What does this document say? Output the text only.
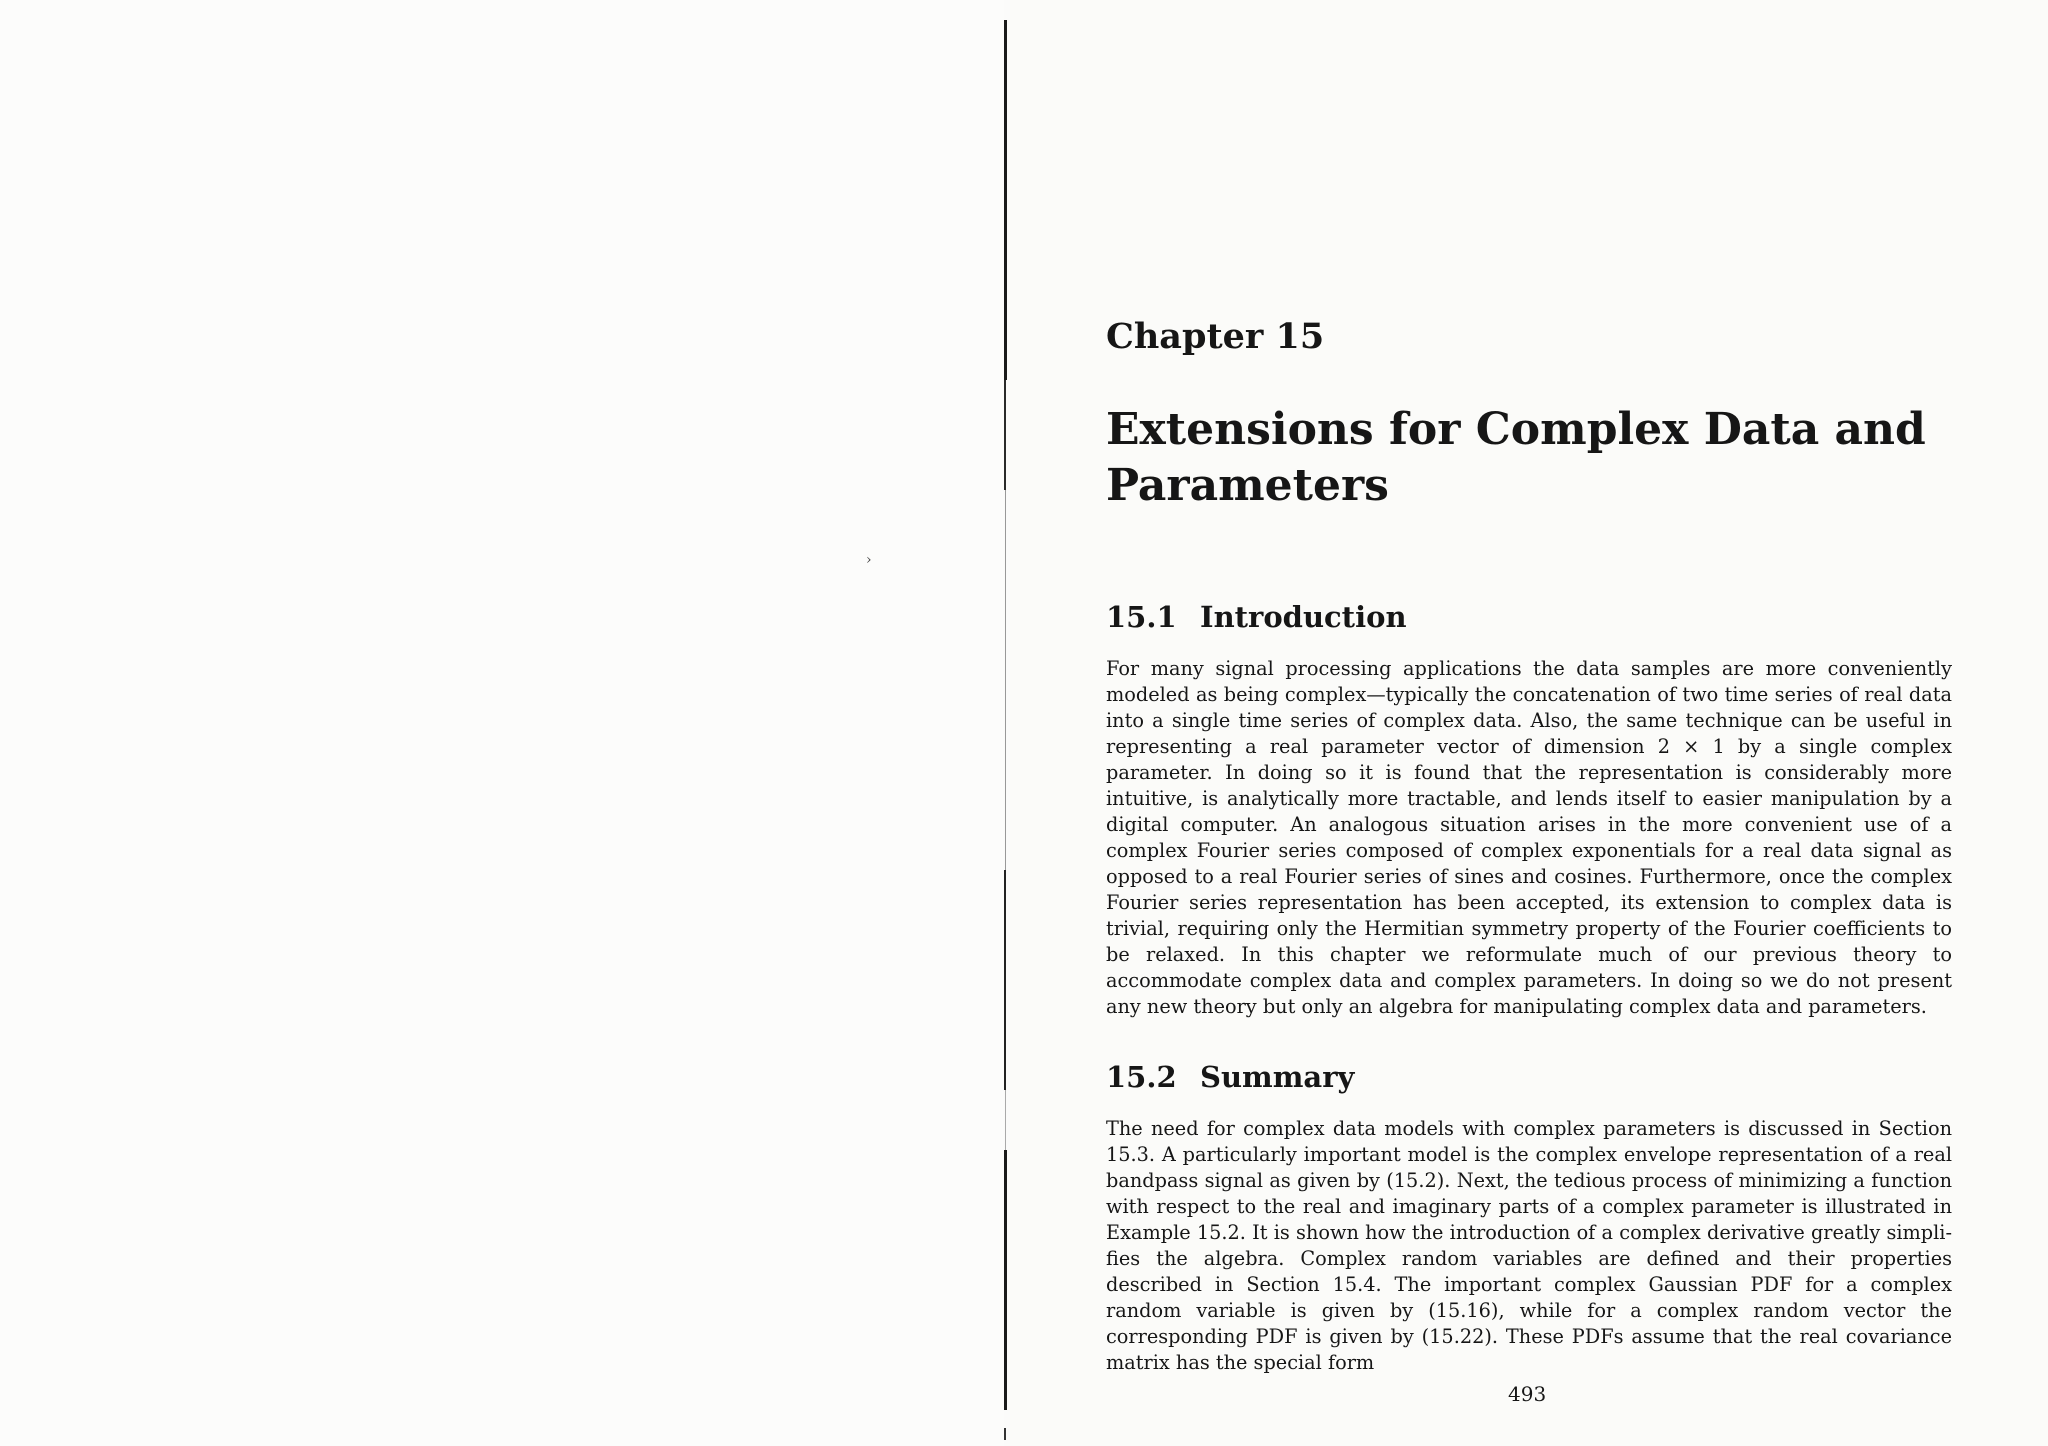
›
Chapter 15
Extensions for Complex Data and Parameters
15.1 Introduction
For many signal processing applications the data samples are more conveniently modeled as being complex—typically the concatenation of two time series of real data into a single time series of complex data. Also, the same technique can be useful in representing a real parameter vector of dimension 2 × 1 by a single complex parameter. In doing so it is found that the representation is considerably more intuitive, is analytically more tractable, and lends itself to easier manipulation by a digital computer. An analogous situation arises in the more convenient use of a complex Fourier series composed of complex exponentials for a real data signal as opposed to a real Fourier series of sines and cosines. Furthermore, once the complex Fourier series representation has been accepted, its extension to complex data is trivial, requiring only the Hermitian symmetry property of the Fourier coefficients to be relaxed. In this chapter we reformulate much of our previous theory to accommodate complex data and complex parameters. In doing so we do not present any new theory but only an algebra for manipulating complex data and parameters.
15.2 Summary
The need for complex data models with complex parameters is discussed in Section 15.3. A particularly important model is the complex envelope representation of a real bandpass signal as given by (15.2). Next, the tedious process of minimizing a function with respect to the real and imaginary parts of a complex parameter is illustrated in Example 15.2. It is shown how the introduction of a complex derivative greatly simplifies the algebra. Complex random variables are defined and their properties described in Section 15.4. The important complex Gaussian PDF for a complex random variable is given by (15.16), while for a complex random vector the corresponding PDF is given by (15.22). These PDFs assume that the real covariance matrix has the special form
493
